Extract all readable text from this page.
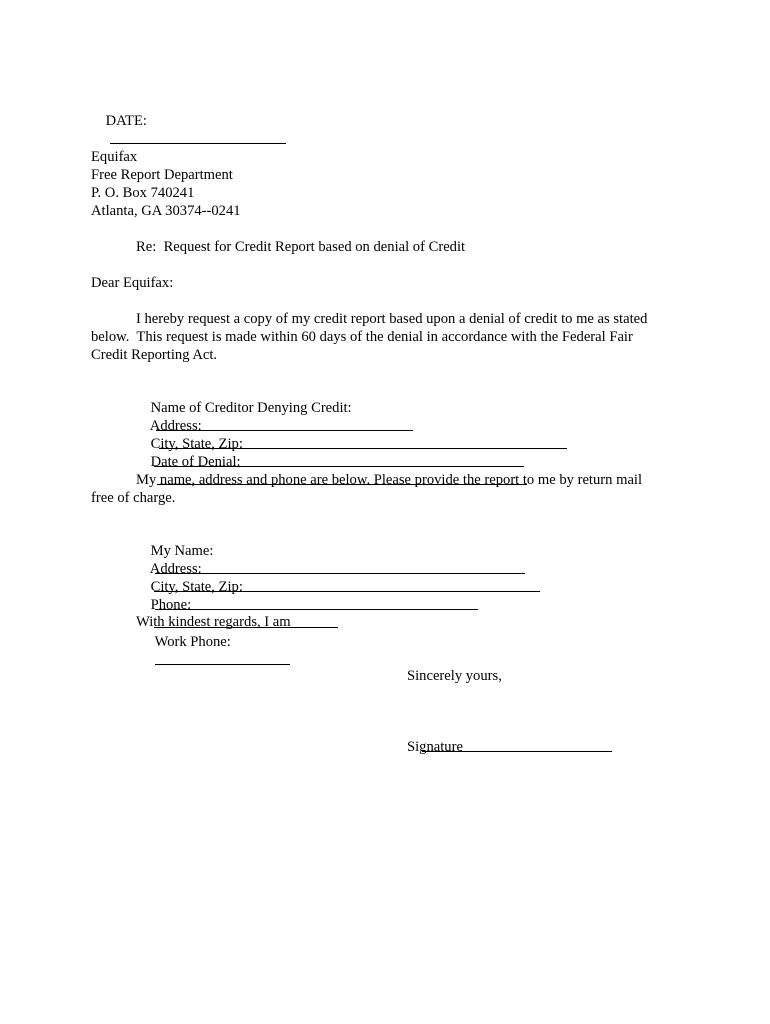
DATE:

Equifax
Free Report Department
P. O. Box 740241
Atlanta, GA 30374--0241
Re:  Request for Credit Report based on denial of Credit
Dear Equifax:
I hereby request a copy of my credit report based upon a denial of credit to me as stated
below.  This request is made within 60 days of the denial in accordance with the Federal Fair
Credit Reporting Act.

Name of Creditor Denying Credit:

Address:

City, State, Zip:

Date of Denial:

My name, address and phone are below. Please provide the report to me by return mail
free of charge.

My Name:

Address:

City, State, Zip:

Phone:

Work Phone:

With kindest regards, I am
Sincerely yours,

Signature
